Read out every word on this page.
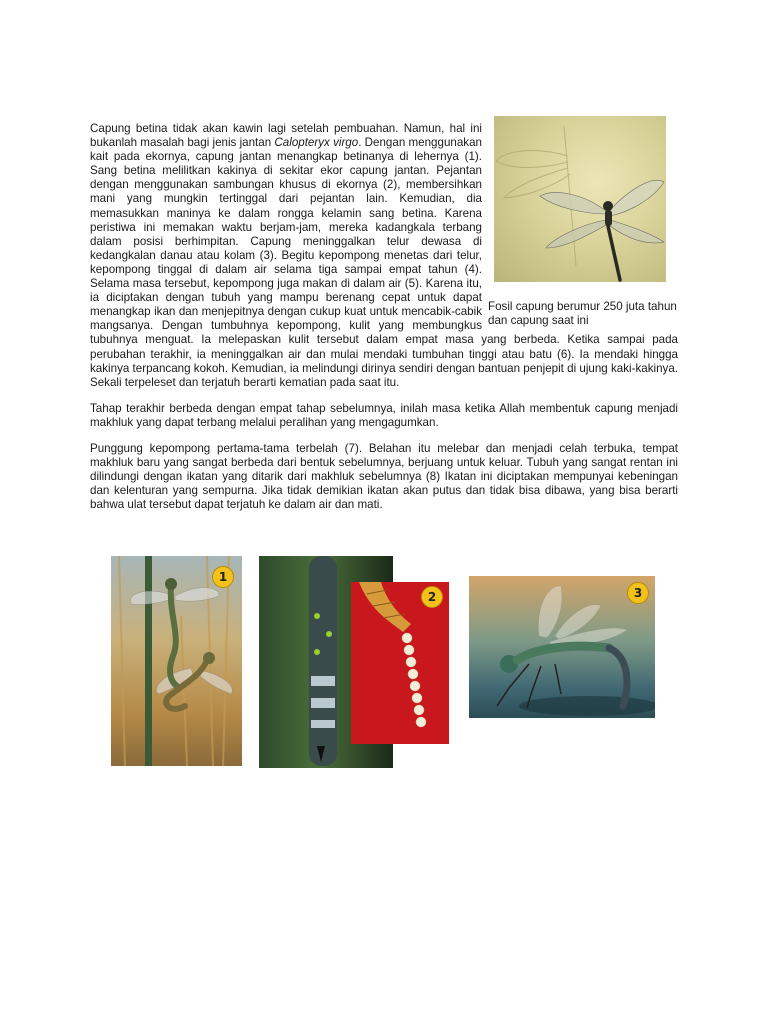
Fosil capung berumur 250 juta tahun dan capung saat ini

Capung betina tidak akan kawin lagi setelah pembuahan. Namun, hal ini bukanlah masalah bagi jenis jantan Calopteryx virgo. Dengan menggunakan kait pada ekornya, capung jantan menangkap betinanya di lehernya (1). Sang betina melilitkan kakinya di sekitar ekor capung jantan. Pejantan dengan menggunakan sambungan khusus di ekornya (2), membersihkan mani yang mungkin tertinggal dari pejantan lain. Kemudian, dia memasukkan maninya ke dalam rongga kelamin sang betina. Karena peristiwa ini memakan waktu berjam-jam, mereka kadangkala terbang dalam posisi berhimpitan. Capung meninggalkan telur dewasa di kedangkalan danau atau kolam (3). Begitu kepompong menetas dari telur, kepompong tinggal di dalam air selama tiga sampai empat tahun (4). Selama masa tersebut, kepompong juga makan di dalam air (5). Karena itu, ia diciptakan dengan tubuh yang mampu berenang cepat untuk dapat menangkap ikan dan menjepitnya dengan cukup kuat untuk mencabik-cabik mangsanya. Dengan tumbuhnya kepompong, kulit yang membungkus tubuhnya menguat. Ia melepaskan kulit tersebut dalam empat masa yang berbeda. Ketika sampai pada perubahan terakhir, ia meninggalkan air dan mulai mendaki tumbuhan tinggi atau batu (6). Ia mendaki hingga kakinya terpancang kokoh. Kemudian, ia melindungi dirinya sendiri dengan bantuan penjepit di ujung kaki-kakinya. Sekali terpeleset dan terjatuh berarti kematian pada saat itu.

Tahap terakhir berbeda dengan empat tahap sebelumnya, inilah masa ketika Allah membentuk capung menjadi makhluk yang dapat terbang melalui peralihan yang mengagumkan.

Punggung kepompong pertama-tama terbelah (7). Belahan itu melebar dan menjadi celah terbuka, tempat makhluk baru yang sangat berbeda dari bentuk sebelumnya, berjuang untuk keluar. Tubuh yang sangat rentan ini dilindungi dengan ikatan yang ditarik dari makhluk sebelumnya (8) Ikatan ini diciptakan mempunyai kebeningan dan kelenturan yang sempurna. Jika tidak demikian ikatan akan putus dan tidak bisa dibawa, yang bisa berarti bahwa ulat tersebut dapat terjatuh ke dalam air dan mati.

1
2	3
